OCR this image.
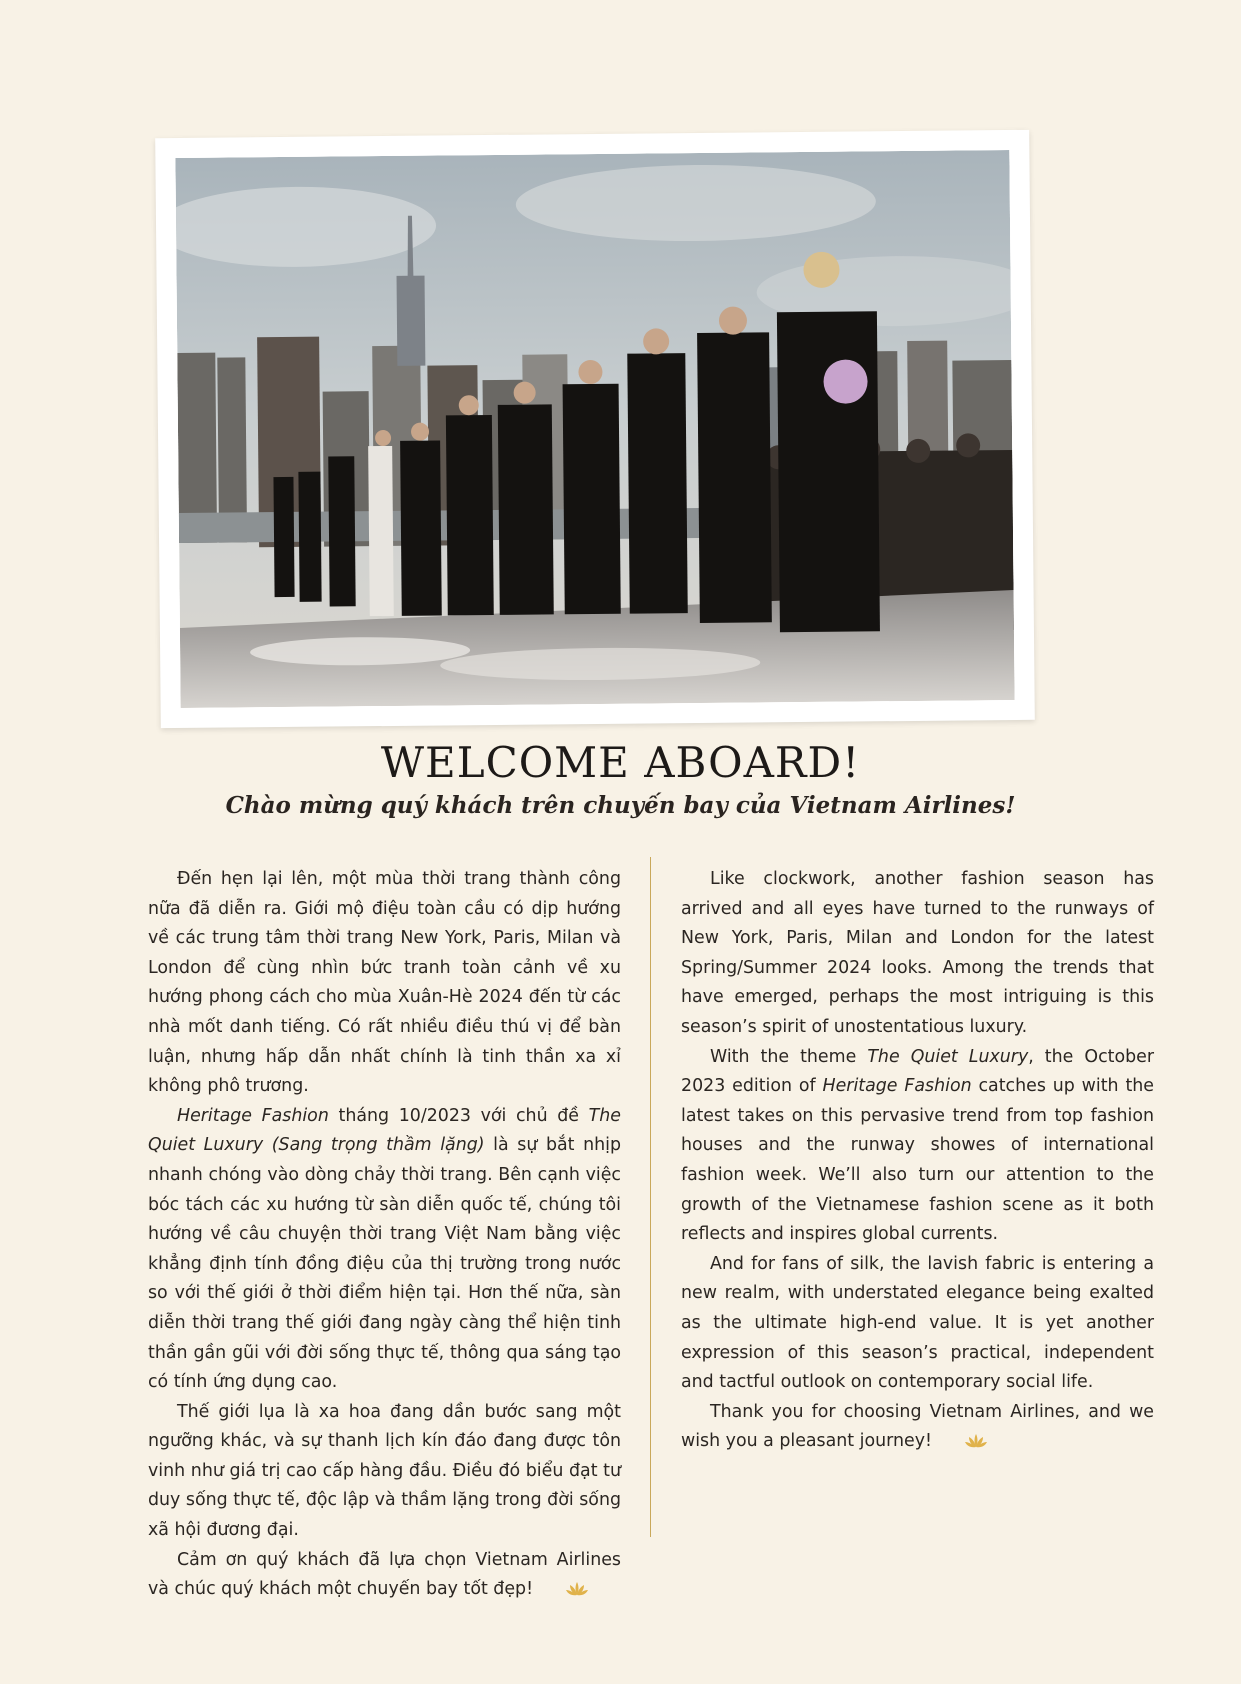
WELCOME ABOARD!
Chào mừng quý khách trên chuyến bay của Vietnam Airlines!

Đến hẹn lại lên, một mùa thời trang thành công nữa đã diễn ra. Giới mộ điệu toàn cầu có dịp hướng về các trung tâm thời trang New York, Paris, Milan và London để cùng nhìn bức tranh toàn cảnh về xu hướng phong cách cho mùa Xuân-Hè 2024 đến từ các nhà mốt danh tiếng. Có rất nhiều điều thú vị để bàn luận, nhưng hấp dẫn nhất chính là tinh thần xa xỉ không phô trương.

Heritage Fashion tháng 10/2023 với chủ đề The Quiet Luxury (Sang trọng thầm lặng) là sự bắt nhịp nhanh chóng vào dòng chảy thời trang. Bên cạnh việc bóc tách các xu hướng từ sàn diễn quốc tế, chúng tôi hướng về câu chuyện thời trang Việt Nam bằng việc khẳng định tính đồng điệu của thị trường trong nước so với thế giới ở thời điểm hiện tại. Hơn thế nữa, sàn diễn thời trang thế giới đang ngày càng thể hiện tinh thần gần gũi với đời sống thực tế, thông qua sáng tạo có tính ứng dụng cao.

Thế giới lụa là xa hoa đang dần bước sang một ngưỡng khác, và sự thanh lịch kín đáo đang được tôn vinh như giá trị cao cấp hàng đầu. Điều đó biểu đạt tư duy sống thực tế, độc lập và thầm lặng trong đời sống xã hội đương đại.

Cảm ơn quý khách đã lựa chọn Vietnam Airlines và chúc quý khách một chuyến bay tốt đẹp!

Like clockwork, another fashion season has arrived and all eyes have turned to the runways of New York, Paris, Milan and London for the latest Spring/Summer 2024 looks. Among the trends that have emerged, perhaps the most intriguing is this season’s spirit of unostentatious luxury.

With the theme The Quiet Luxury, the October 2023 edition of Heritage Fashion catches up with the latest takes on this pervasive trend from top fashion houses and the runway showes of international fashion week. We’ll also turn our attention to the growth of the Vietnamese fashion scene as it both reflects and inspires global currents.

And for fans of silk, the lavish fabric is entering a new realm, with understated elegance being exalted as the ultimate high-end value. It is yet another expression of this season’s practical, independent and tactful outlook on contemporary social life.

Thank you for choosing Vietnam Airlines, and we wish you a pleasant journey!
